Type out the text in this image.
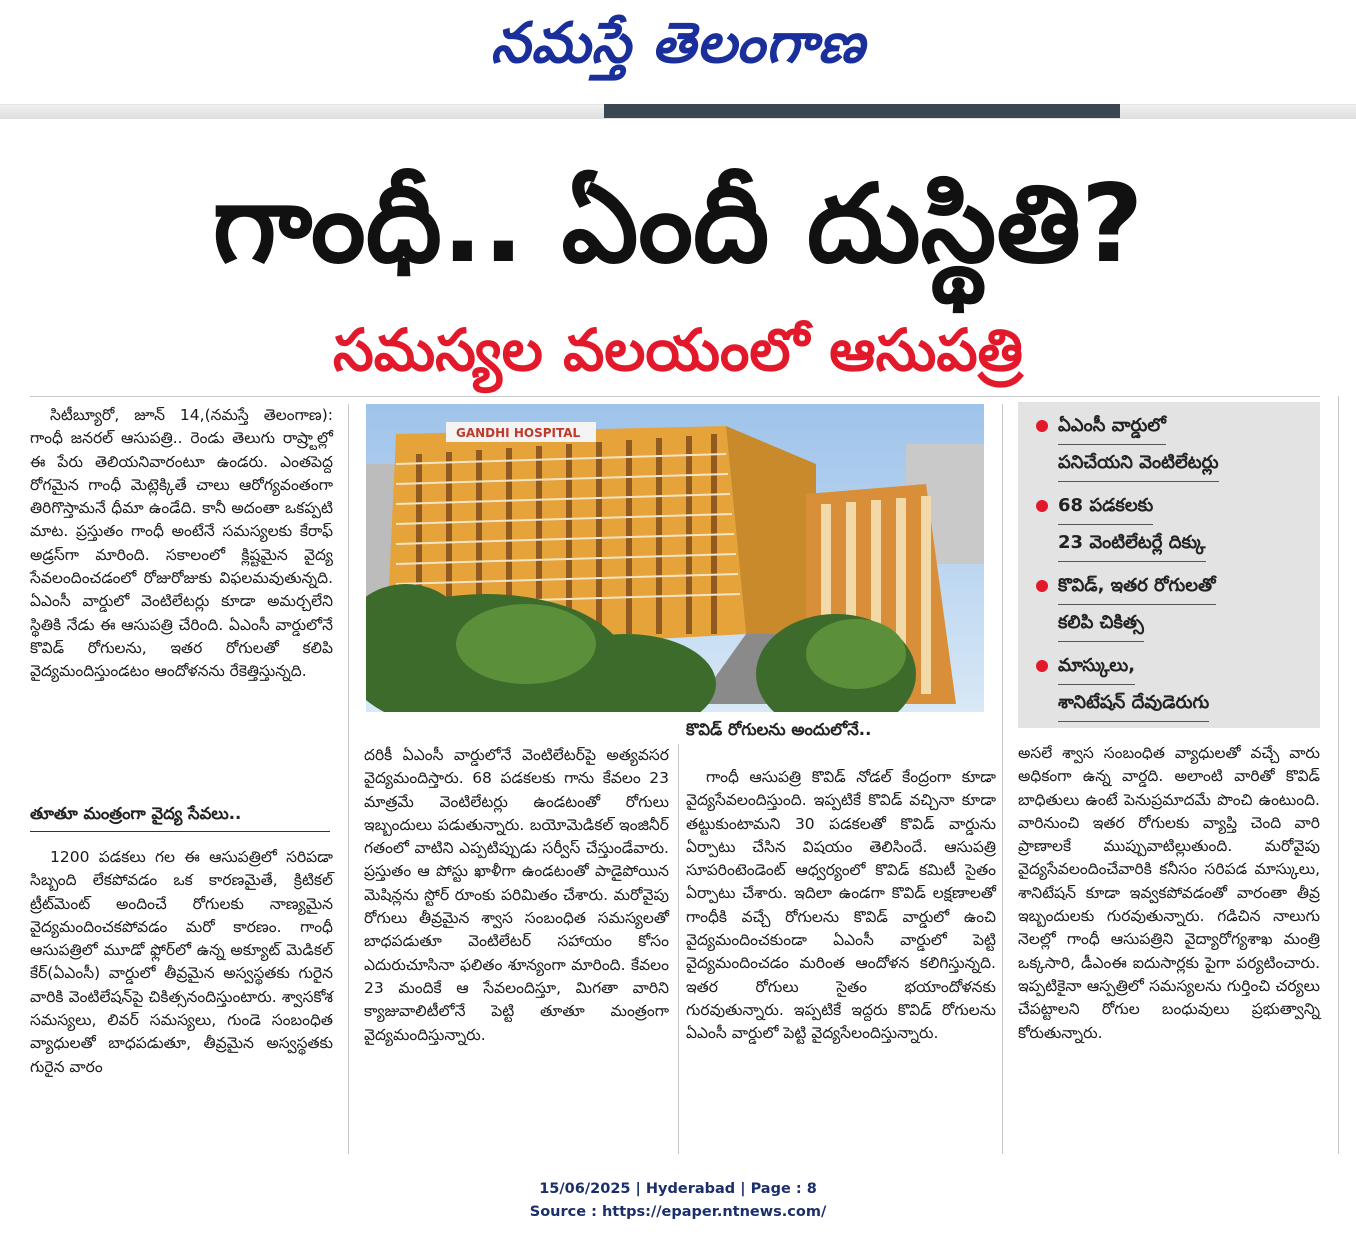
నమస్తే తెలంగాణ
గాంధీ.. ఏందీ దుస్థితి?
సమస్యల వలయంలో ఆసుపత్రి

సిటీబ్యూరో, జూన్ 14,(నమస్తే తెలంగాణ): గాంధీ జనరల్ ఆసుపత్రి.. రెండు తెలుగు రాష్ర్టాల్లో ఈ పేరు తెలియనివారంటూ ఉండరు. ఎంతపెద్ద రోగమైన గాంధీ మెట్లెక్కితే చాలు ఆరోగ్యవంతంగా తిరిగొస్తామనే ధీమా ఉండేది. కానీ అదంతా ఒకప్పటి మాట. ప్రస్తుతం గాంధీ అంటేనే సమస్యలకు కేరాఫ్ అడ్రస్‌గా మారింది. సకాలంలో క్లిష్టమైన వైద్య సేవలందించడంలో రోజురోజుకు విఫలమవుతున్నది. ఏఎంసీ వార్డులో వెంటిలేటర్లు కూడా అమర్చలేని స్థితికి నేడు ఈ ఆసుపత్రి చేరింది. ఏఎంసీ వార్డులోనే కొవిడ్ రోగులను, ఇతర రోగులతో కలిపి వైద్యమందిస్తుండటం ఆందోళనను రేకెత్తిస్తున్నది.

తూతూ మంత్రంగా వైద్య సేవలు..

1200 పడకలు గల ఈ ఆసుపత్రిలో సరిపడా సిబ్బంది లేకపోవడం ఒక కారణమైతే, క్రిటికల్ ట్రీట్‌మెంట్ అందించే రోగులకు నాణ్యమైన వైద్యమందించకపోవడం మరో కారణం. గాంధీ ఆసుపత్రిలో మూడో ఫ్లోర్‌లో ఉన్న అక్యూట్ మెడికల్ కేర్(ఏఎంసీ) వార్డులో తీవ్రమైన అస్వస్థతకు గురైన వారికి వెంటిలేషన్‌పై చికిత్సనందిస్తుంటారు. శ్వాసకోశ సమస్యలు, లివర్ సమస్యలు, గుండె సంబంధిత వ్యాధులతో బాధపడుతూ, తీవ్రమైన అస్వస్థతకు గురైన వారం

GANDHI HOSPITAL
కొవిడ్ రోగులను అందులోనే..
ఏఎంసీ వార్డులో
పనిచేయని వెంటిలేటర్లు
68 పడకలకు
23 వెంటిలేటర్లే దిక్కు
కొవిడ్, ఇతర రోగులతో
కలిపి చికిత్స
మాస్కులు,
శానిటేషన్ దేవుడెరుగు

దరికీ ఏఎంసీ వార్డులోనే వెంటిలేటర్‌పై అత్యవసర వైద్యమందిస్తారు. 68 పడకలకు గాను కేవలం 23 మాత్రమే వెంటిలేటర్లు ఉండటంతో రోగులు ఇబ్బందులు పడుతున్నారు. బయోమెడికల్ ఇంజినీర్ గతంలో వాటిని ఎప్పటిప్పుడు సర్వీస్ చేస్తుండేవారు. ప్రస్తుతం ఆ పోస్టు ఖాళీగా ఉండటంతో పాడైపోయిన మెషిన్లను స్టోర్ రూంకు పరిమితం చేశారు. మరోవైపు రోగులు తీవ్రమైన శ్వాస సంబంధిత సమస్యలతో బాధపడుతూ వెంటిలేటర్ సహాయం కోసం ఎదురుచూసినా ఫలితం శూన్యంగా మారింది. కేవలం 23 మందికే ఆ సేవలందిస్తూ, మిగతా వారిని క్యాజువాలిటీలోనే పెట్టి తూతూ మంత్రంగా వైద్యమందిస్తున్నారు.

గాంధీ ఆసుపత్రి కొవిడ్ నోడల్ కేంద్రంగా కూడా వైద్యసేవలందిస్తుంది. ఇప్పటికే కొవిడ్ వచ్చినా కూడా తట్టుకుంటామని 30 పడకలతో కొవిడ్ వార్డును ఏర్పాటు చేసిన విషయం తెలిసిందే. ఆసుపత్రి సూపరింటెండెంట్ ఆధ్వర్యంలో కొవిడ్ కమిటీ సైతం ఏర్పాటు చేశారు. ఇదిలా ఉండగా కొవిడ్ లక్షణాలతో గాంధీకి వచ్చే రోగులను కొవిడ్ వార్డులో ఉంచి వైద్యమందించకుండా ఏఎంసీ వార్డులో పెట్టి వైద్యమందించడం మరింత ఆందోళన కలిగిస్తున్నది. ఇతర రోగులు సైతం భయాందోళనకు గురవుతున్నారు. ఇప్పటికే ఇద్దరు కొవిడ్ రోగులను ఏఎంసీ వార్డులో పెట్టి వైద్యసేలందిస్తున్నారు.

అసలే శ్వాస సంబంధిత వ్యాధులతో వచ్చే వారు అధికంగా ఉన్న వార్డది. అలాంటి వారితో కొవిడ్ బాధితులు ఉంటే పెనుప్రమాదమే పొంచి ఉంటుంది. వారినుంచి ఇతర రోగులకు వ్యాప్తి చెంది వారి ప్రాణాలకే ముప్పువాటిల్లుతుంది. మరోవైపు వైద్యసేవలందించేవారికి కనీసం సరిపడ మాస్కులు, శానిటేషన్ కూడా ఇవ్వకపోవడంతో వారంతా తీవ్ర ఇబ్బందులకు గురవుతున్నారు. గడిచిన నాలుగు నెలల్లో గాంధీ ఆసుపత్రిని వైద్యారోగ్యశాఖ మంత్రి ఒక్కసారి, డీఎంఈ ఐదుసార్లకు పైగా పర్యటించారు. ఇప్పటికైనా ఆస్పత్రిలో సమస్యలను గుర్తించి చర్యలు చేపట్టాలని రోగుల బంధువులు ప్రభుత్వాన్ని కోరుతున్నారు.

15/06/2025 | Hyderabad | Page : 8
Source : https://epaper.ntnews.com/
